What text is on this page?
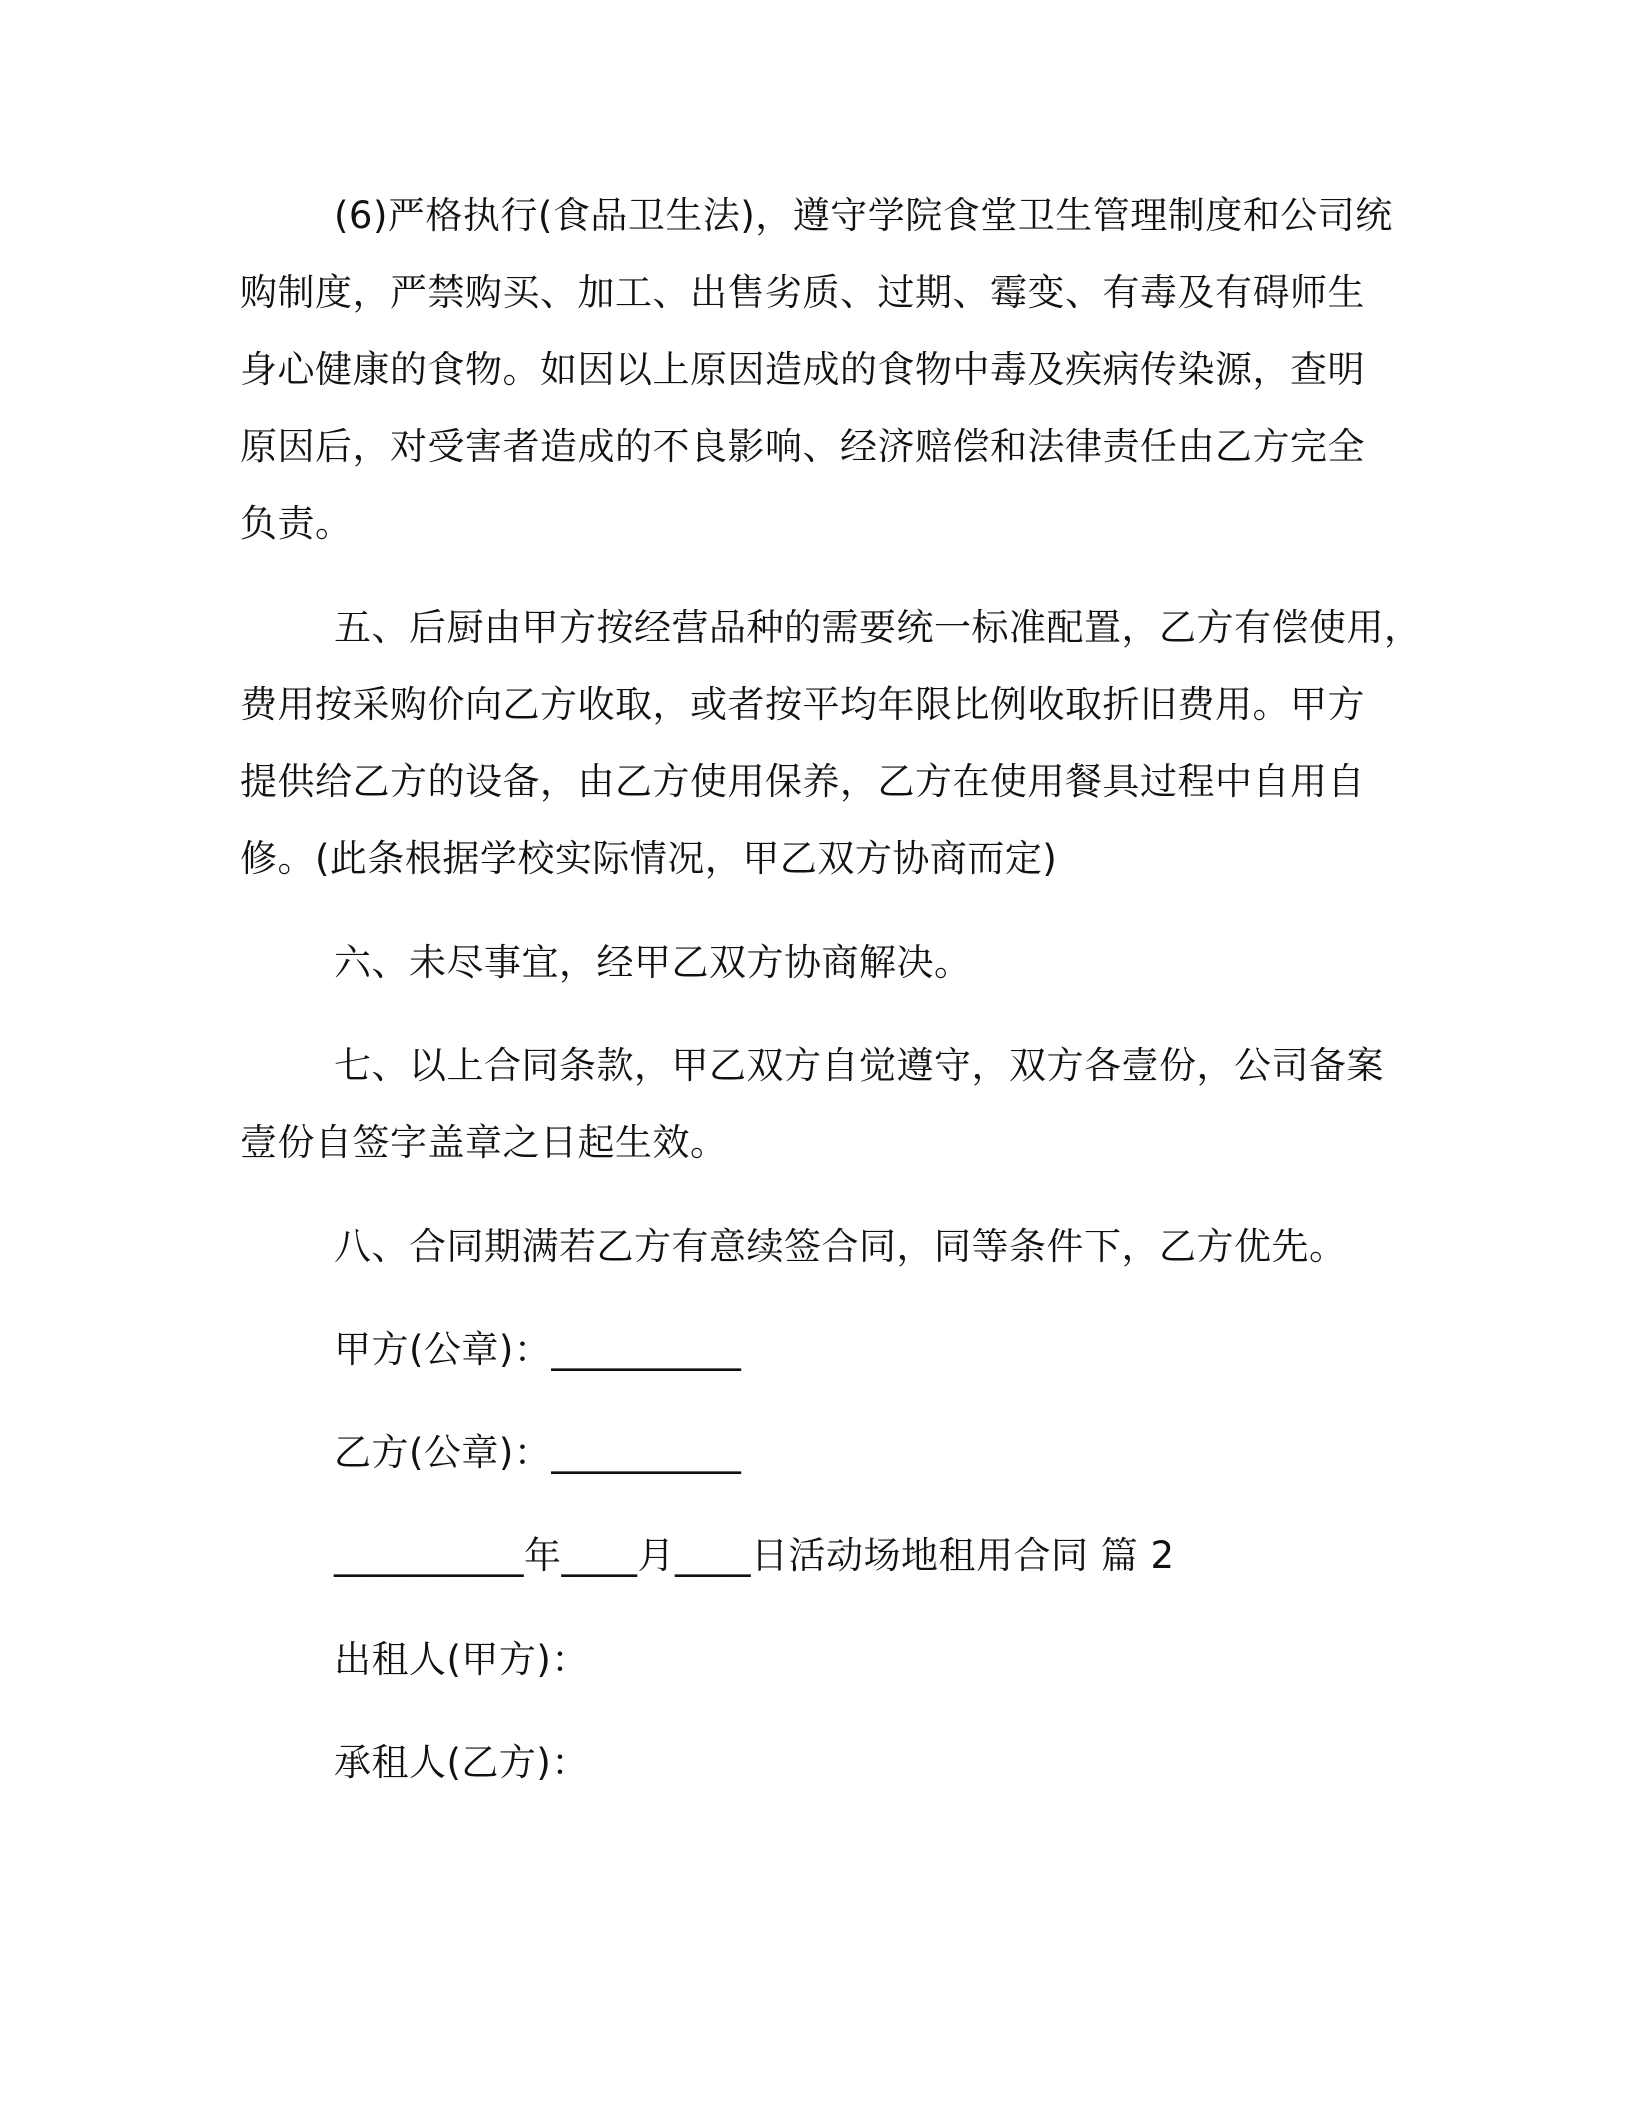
(6)严格执行(食品卫生法)，遵守学院食堂卫生管理制度和公司统

购制度，严禁购买、加工、出售劣质、过期、霉变、有毒及有碍师生

身心健康的食物。如因以上原因造成的食物中毒及疾病传染源，查明

原因后，对受害者造成的不良影响、经济赔偿和法律责任由乙方完全

负责。

五、后厨由甲方按经营品种的需要统一标准配置，乙方有偿使用，

费用按采购价向乙方收取，或者按平均年限比例收取折旧费用。甲方

提供给乙方的设备，由乙方使用保养，乙方在使用餐具过程中自用自

修。(此条根据学校实际情况，甲乙双方协商而定)

六、未尽事宜，经甲乙双方协商解决。

七、以上合同条款，甲乙双方自觉遵守，双方各壹份，公司备案

壹份自签字盖章之日起生效。

八、合同期满若乙方有意续签合同，同等条件下，乙方优先。

甲方(公章)：__________

乙方(公章)：__________

__________年____月____日活动场地租用合同 篇 2

出租人(甲方)：

承租人(乙方)：
